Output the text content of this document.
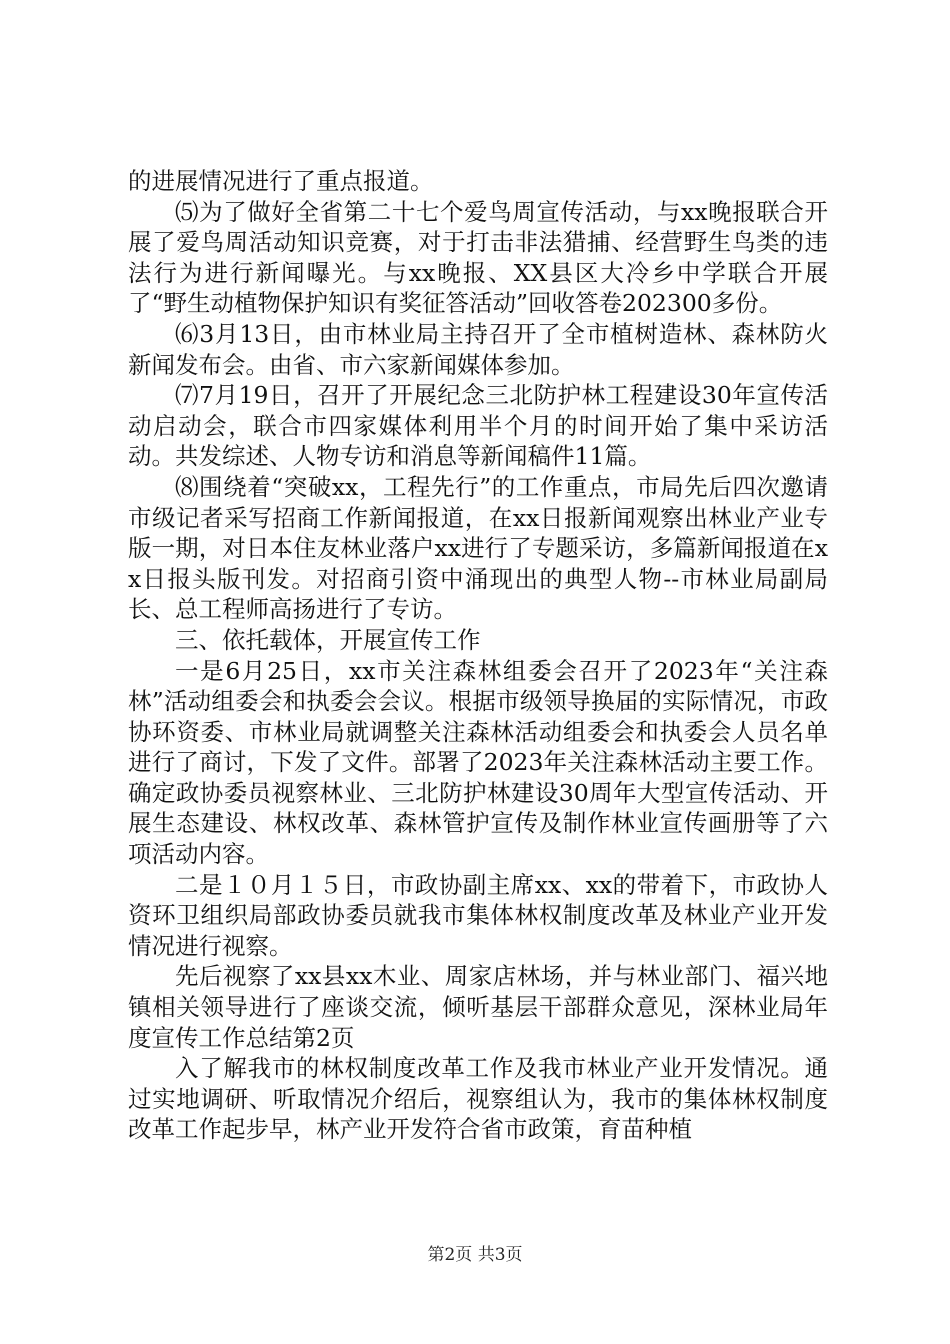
的进展情况进行了重点报道。

⑸为了做好全省第二十七个爱鸟周宣传活动，与xx晚报联合开展了爱鸟周活动知识竞赛，对于打击非法猎捕、经营野生鸟类的违法行为进行新闻曝光。与xx晚报、XX县区大冷乡中学联合开展了“野生动植物保护知识有奖征答活动”回收答卷202300多份。

⑹3月13日，由市林业局主持召开了全市植树造林、森林防火新闻发布会。由省、市六家新闻媒体参加。

⑺7月19日，召开了开展纪念三北防护林工程建设30年宣传活动启动会，联合市四家媒体利用半个月的时间开始了集中采访活动。共发综述、人物专访和消息等新闻稿件11篇。

⑻围绕着“突破xx，工程先行”的工作重点，市局先后四次邀请市级记者采写招商工作新闻报道，在xx日报新闻观察出林业产业专版一期，对日本住友林业落户xx进行了专题采访，多篇新闻报道在xx日报头版刊发。对招商引资中涌现出的典型人物--市林业局副局长、总工程师高扬进行了专访。

三、依托载体，开展宣传工作

一是6月25日，xx市关注森林组委会召开了2023年“关注森林”活动组委会和执委会会议。根据市级领导换届的实际情况，市政协环资委、市林业局就调整关注森林活动组委会和执委会人员名单进行了商讨，下发了文件。部署了2023年关注森林活动主要工作。确定政协委员视察林业、三北防护林建设30周年大型宣传活动、开展生态建设、林权改革、森林管护宣传及制作林业宣传画册等了六项活动内容。

二是１０月１５日，市政协副主席xx、xx的带着下，市政协人资环卫组织局部政协委员就我市集体林权制度改革及林业产业开发情况进行视察。

先后视察了xx县xx木业、周家店林场，并与林业部门、福兴地镇相关领导进行了座谈交流，倾听基层干部群众意见，深林业局年度宣传工作总结第2页

入了解我市的林权制度改革工作及我市林业产业开发情况。通过实地调研、听取情况介绍后，视察组认为，我市的集体林权制度改革工作起步早，林产业开发符合省市政策，育苗种植

第2页 共3页
